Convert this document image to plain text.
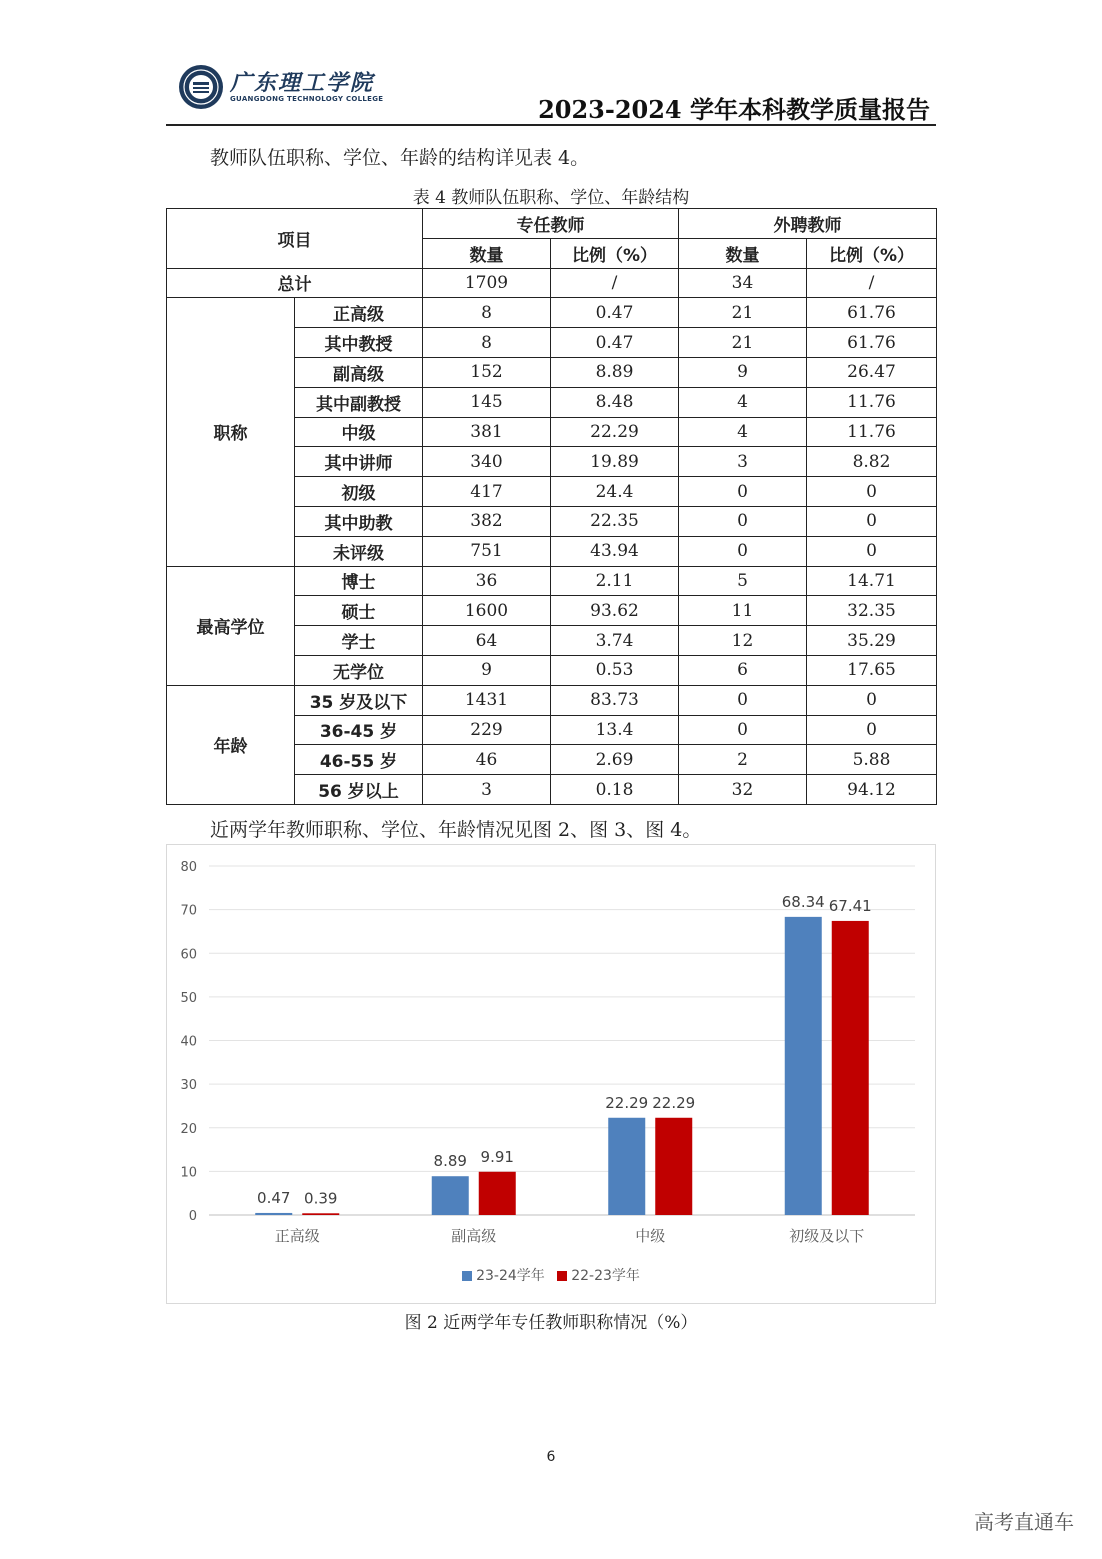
广东理工学院
GUANGDONG TECHNOLOGY COLLEGE	2023-2024 学年本科教学质量报告
教师队伍职称、学位、年龄的结构详见表 4。
表 4 教师队伍职称、学位、年龄结构
项目		专任教师		外聘教师	
		数量	比例（%）	数量	比例（%）
总计		1709	/	34	/
职称	正高级	8	0.47	21	61.76
	其中教授	8	0.47	21	61.76
	副高级	152	8.89	9	26.47
	其中副教授	145	8.48	4	11.76
	中级	381	22.29	4	11.76
	其中讲师	340	19.89	3	8.82
	初级	417	24.4	0	0
	其中助教	382	22.35	0	0
	未评级	751	43.94	0	0
最高学位	博士	36	2.11	5	14.71
	硕士	1600	93.62	11	32.35
	学士	64	3.74	12	35.29
	无学位	9	0.53	6	17.65
年龄	35 岁及以下	1431	83.73	0	0
	36-45 岁	229	13.4	0	0
	46-55 岁	46	2.69	2	5.88
	56 岁以上	3	0.18	32	94.12
近两学年教师职称、学位、年龄情况见图 2、图 3、图 4。
0
10
20
30
40
50
60
70
80
正高级
0.47 0.39
副高级
8.89 9.91
中级
22.29 22.29
初级及以下
68.34 67.41
23-24学年 22-23学年
图 2 近两学年专任教师职称情况（%）
6
高考直通车
